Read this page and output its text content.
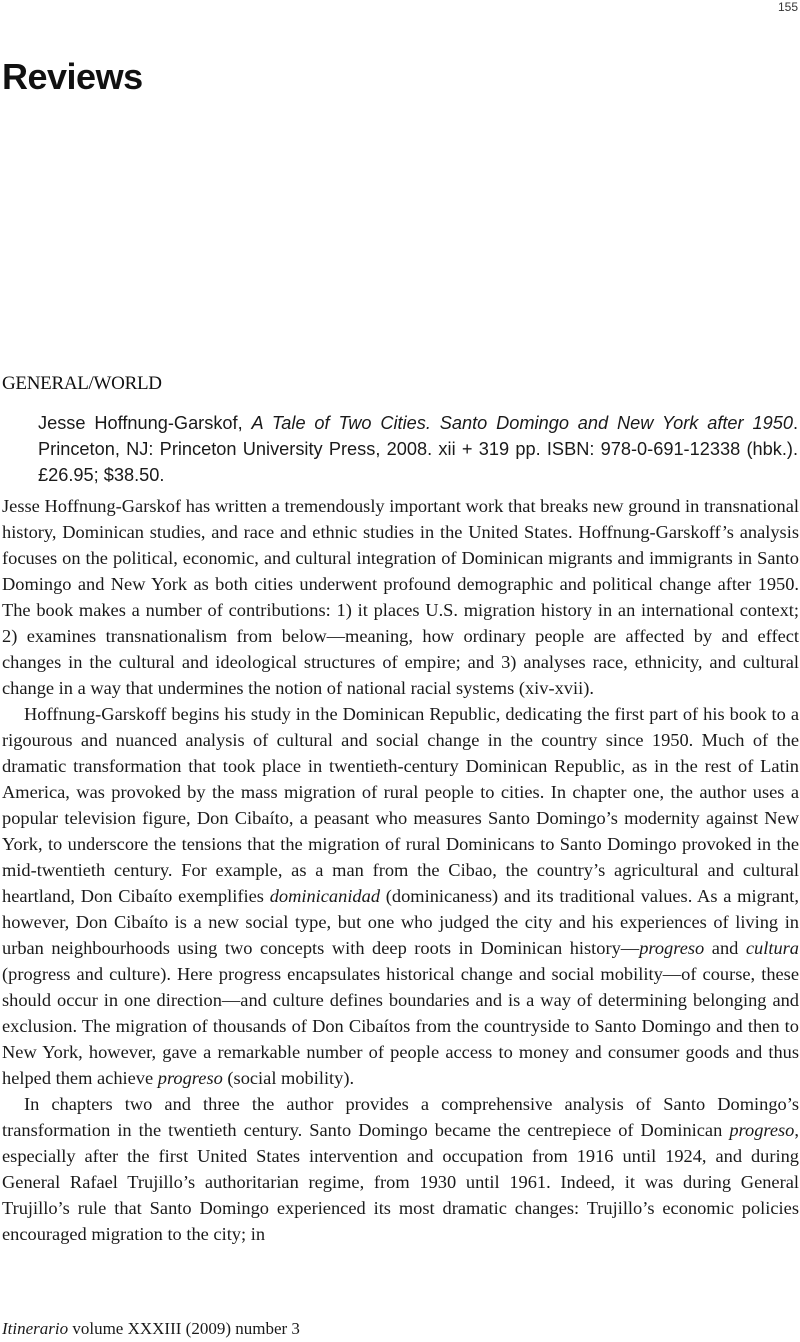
155
Reviews
GENERAL/WORLD

Jesse Hoffnung-Garskof, A Tale of Two Cities. Santo Domingo and New York after 1950. Princeton, NJ: Princeton University Press, 2008. xii + 319 pp. ISBN: 978-0-691-12338 (hbk.). £26.95; $38.50.

Jesse Hoffnung-Garskof has written a tremendously important work that breaks new ground in transnational history, Dominican studies, and race and ethnic studies in the United States. Hoffnung-Garskoff’s analysis focuses on the political, economic, and cultural integration of Dominican migrants and immigrants in Santo Domingo and New York as both cities underwent profound demographic and political change after 1950. The book makes a number of contributions: 1) it places U.S. migration history in an international context; 2) examines transnationalism from below—meaning, how ordinary people are affected by and effect changes in the cultural and ideological structures of empire; and 3) analyses race, ethnicity, and cultural change in a way that undermines the notion of national racial systems (xiv-xvii).

Hoffnung-Garskoff begins his study in the Dominican Republic, dedicating the first part of his book to a rigourous and nuanced analysis of cultural and social change in the country since 1950. Much of the dramatic transformation that took place in twentieth-century Dominican Republic, as in the rest of Latin America, was provoked by the mass migration of rural people to cities. In chapter one, the author uses a popular television figure, Don Cibaíto, a peasant who measures Santo Domingo’s modernity against New York, to underscore the tensions that the migration of rural Dominicans to Santo Domingo provoked in the mid-twentieth century. For example, as a man from the Cibao, the country’s agricultural and cultural heartland, Don Cibaíto exemplifies dominicanidad (dominicaness) and its traditional values. As a migrant, however, Don Cibaíto is a new social type, but one who judged the city and his experiences of living in urban neighbourhoods using two concepts with deep roots in Dominican history—progreso and cultura (progress and culture). Here progress encapsulates historical change and social mobility—of course, these should occur in one direction—and culture defines boundaries and is a way of determining belonging and exclusion. The migration of thousands of Don Cibaítos from the countryside to Santo Domingo and then to New York, however, gave a remarkable number of people access to money and consumer goods and thus helped them achieve progreso (social mobility).

In chapters two and three the author provides a comprehensive analysis of Santo Domingo’s transformation in the twentieth century. Santo Domingo became the centrepiece of Dominican progreso, especially after the first United States intervention and occupation from 1916 until 1924, and during General Rafael Trujillo’s authoritarian regime, from 1930 until 1961. Indeed, it was during General Trujillo’s rule that Santo Domingo experienced its most dramatic changes: Trujillo’s economic policies encouraged migration to the city; in

Itinerario volume XXXIII (2009) number 3
